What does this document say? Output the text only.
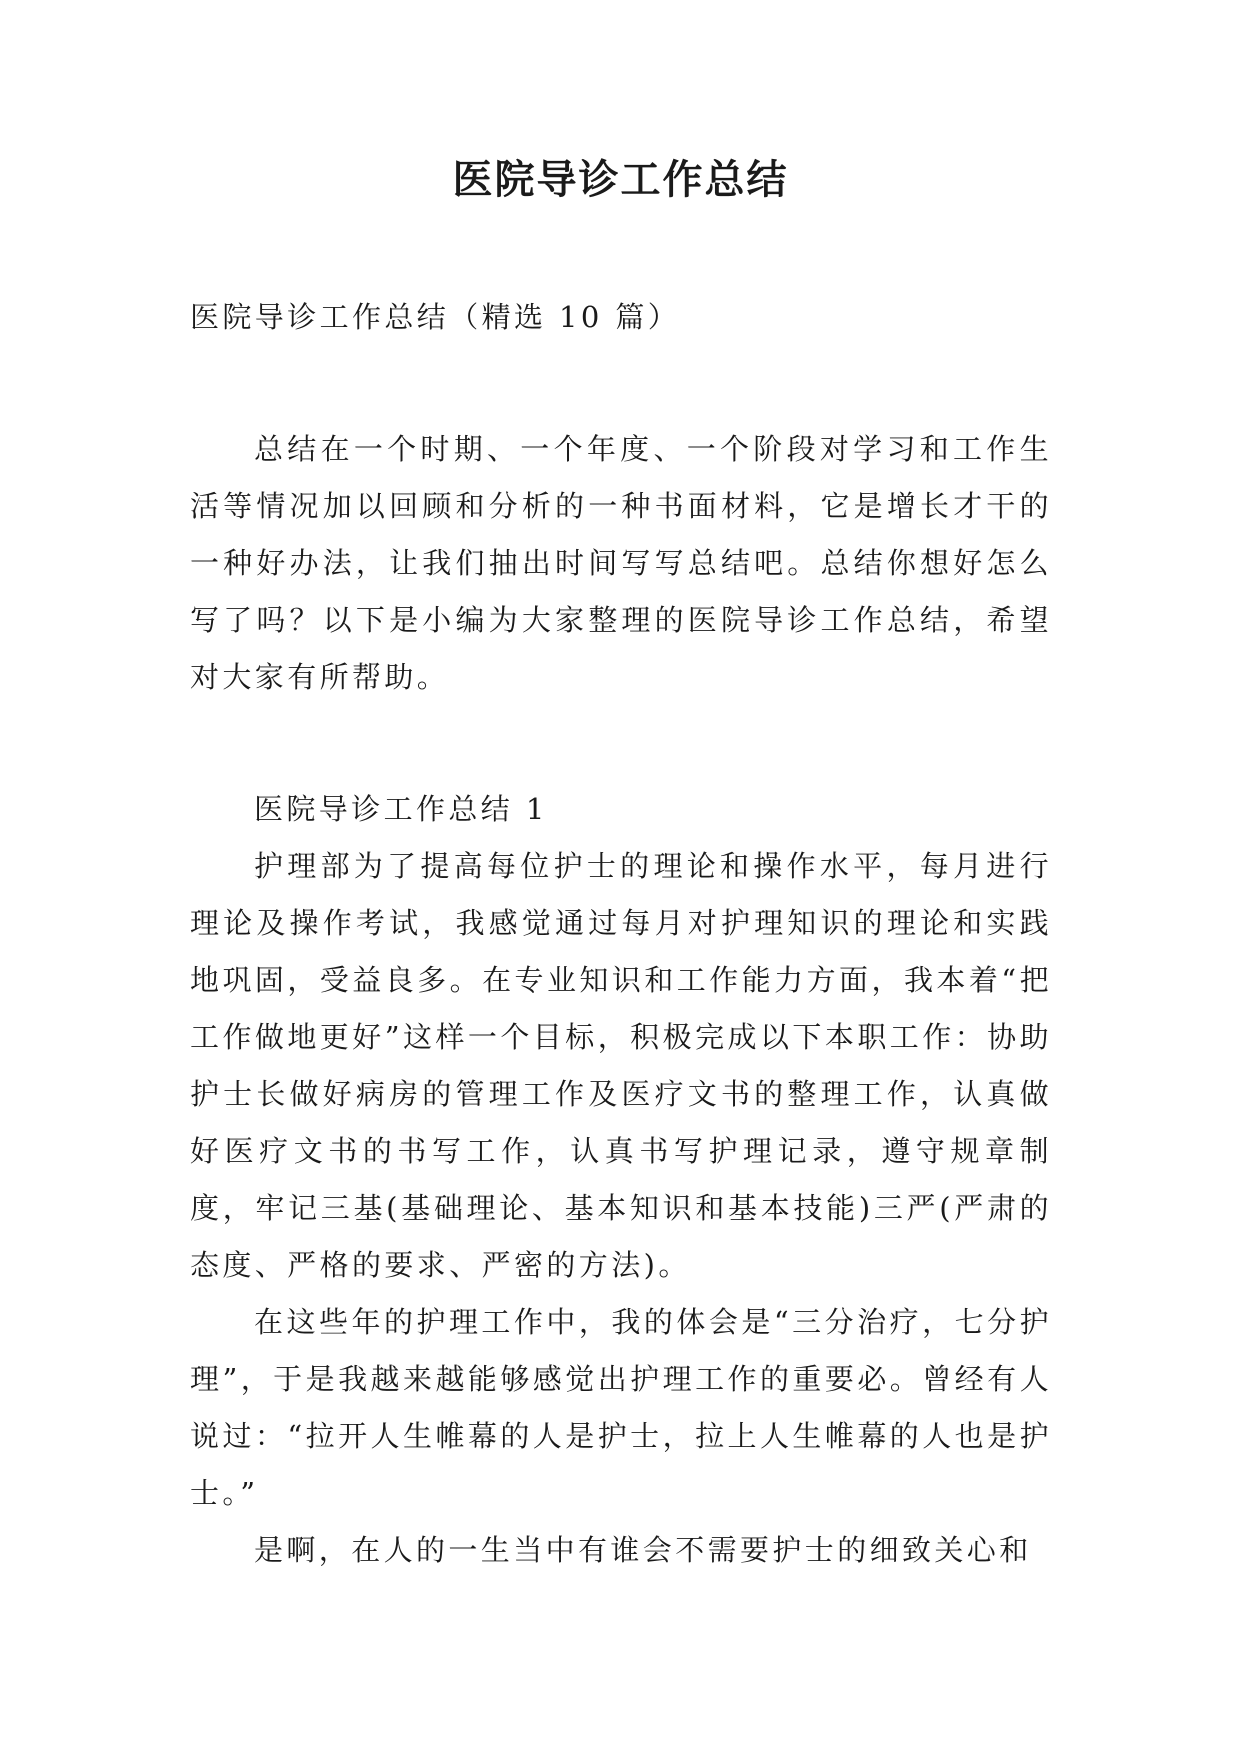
医院导诊工作总结

医院导诊工作总结（精选 10 篇）

总结在一个时期、一个年度、一个阶段对学习和工作生活等情况加以回顾和分析的一种书面材料，它是增长才干的一种好办法，让我们抽出时间写写总结吧。总结你想好怎么写了吗？以下是小编为大家整理的医院导诊工作总结，希望对大家有所帮助。

医院导诊工作总结 1

护理部为了提高每位护士的理论和操作水平，每月进行理论及操作考试，我感觉通过每月对护理知识的理论和实践地巩固，受益良多。在专业知识和工作能力方面，我本着“把工作做地更好”这样一个目标，积极完成以下本职工作：协助护士长做好病房的管理工作及医疗文书的整理工作，认真做好医疗文书的书写工作，认真书写护理记录，遵守规章制度，牢记三基(基础理论、基本知识和基本技能)三严(严肃的态度、严格的要求、严密的方法)。

在这些年的护理工作中，我的体会是“三分治疗，七分护理”，于是我越来越能够感觉出护理工作的重要必。曾经有人说过：“拉开人生帷幕的人是护士，拉上人生帷幕的人也是护士。”

是啊，在人的一生当中有谁会不需要护士的细致关心和
